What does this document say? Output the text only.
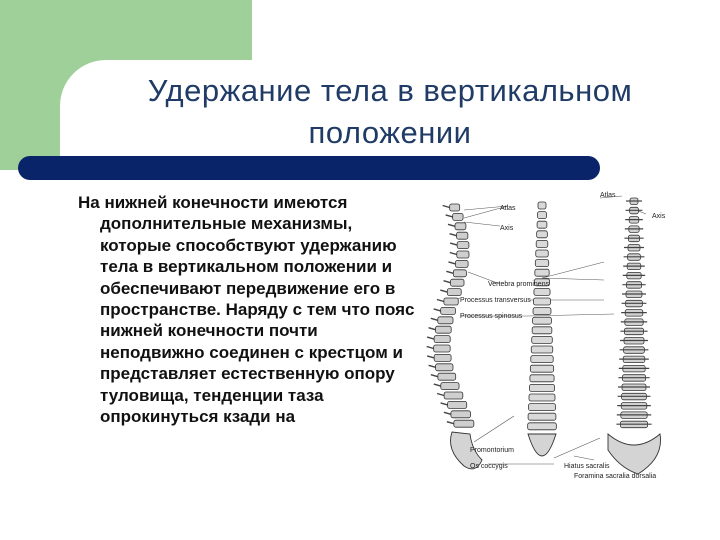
Удержание тела в вертикальном положении

На нижней конечности имеются дополнительные механизмы, которые способствуют удержанию тела в вертикальном положении и обеспечивают передвижение его в пространстве. Наряду с тем что пояс нижней конечности почти неподвижно соединен с крестцом и представляет естественную опору туловища, тенденции таза опрокинуться кзади на

Atlas
Axis
Atlas
Axis
Vertebra prominens
Processus transversus
Processus spinosus
Promontorium
Os coccygis	Hiatus sacralis
Foramina sacralia dorsalia
